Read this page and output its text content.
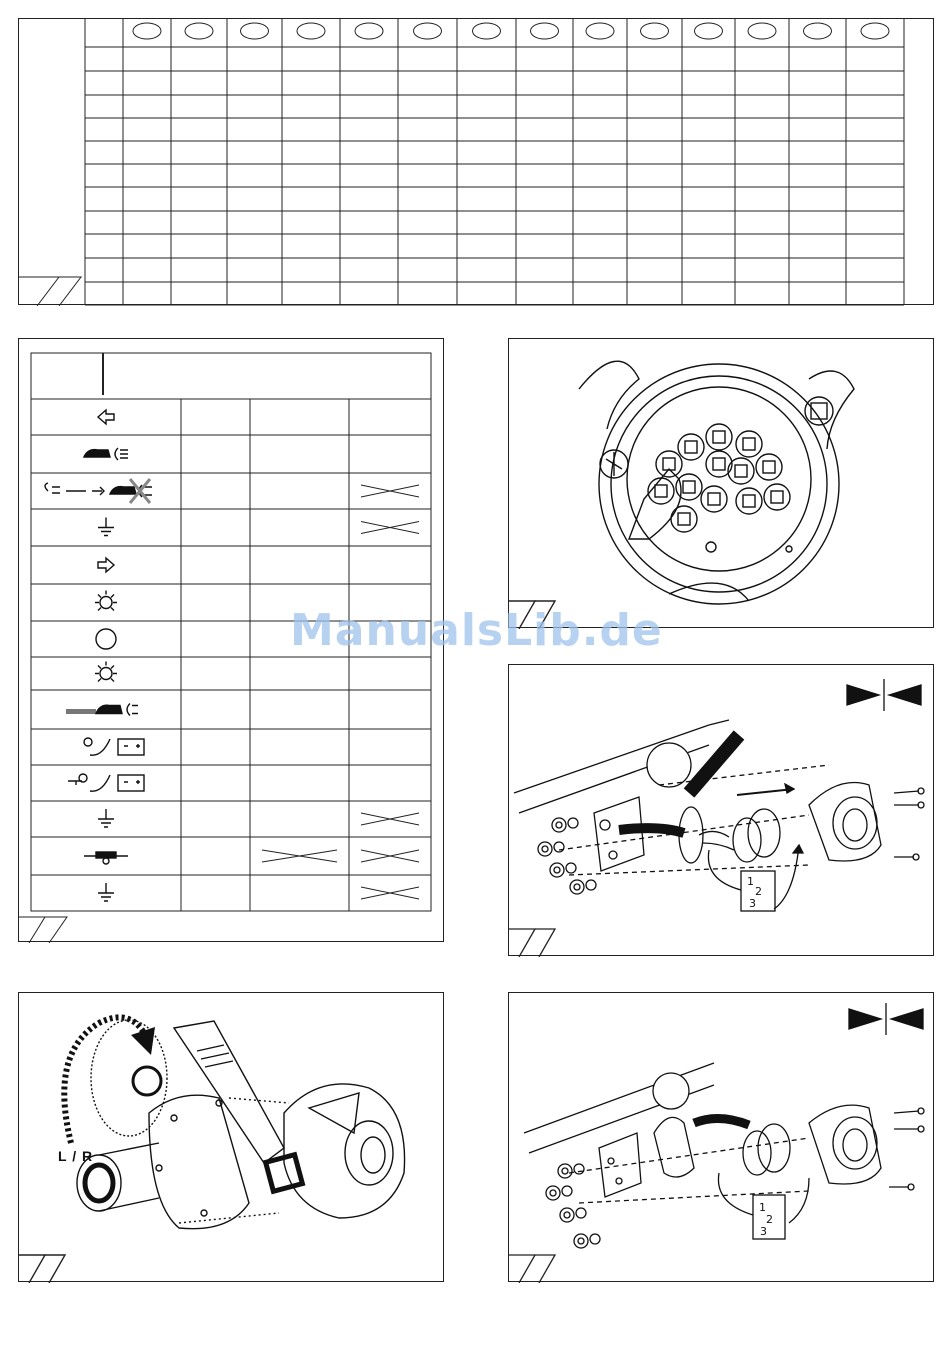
1
2
3
L / R
1
2
3
ManualsLib.de
